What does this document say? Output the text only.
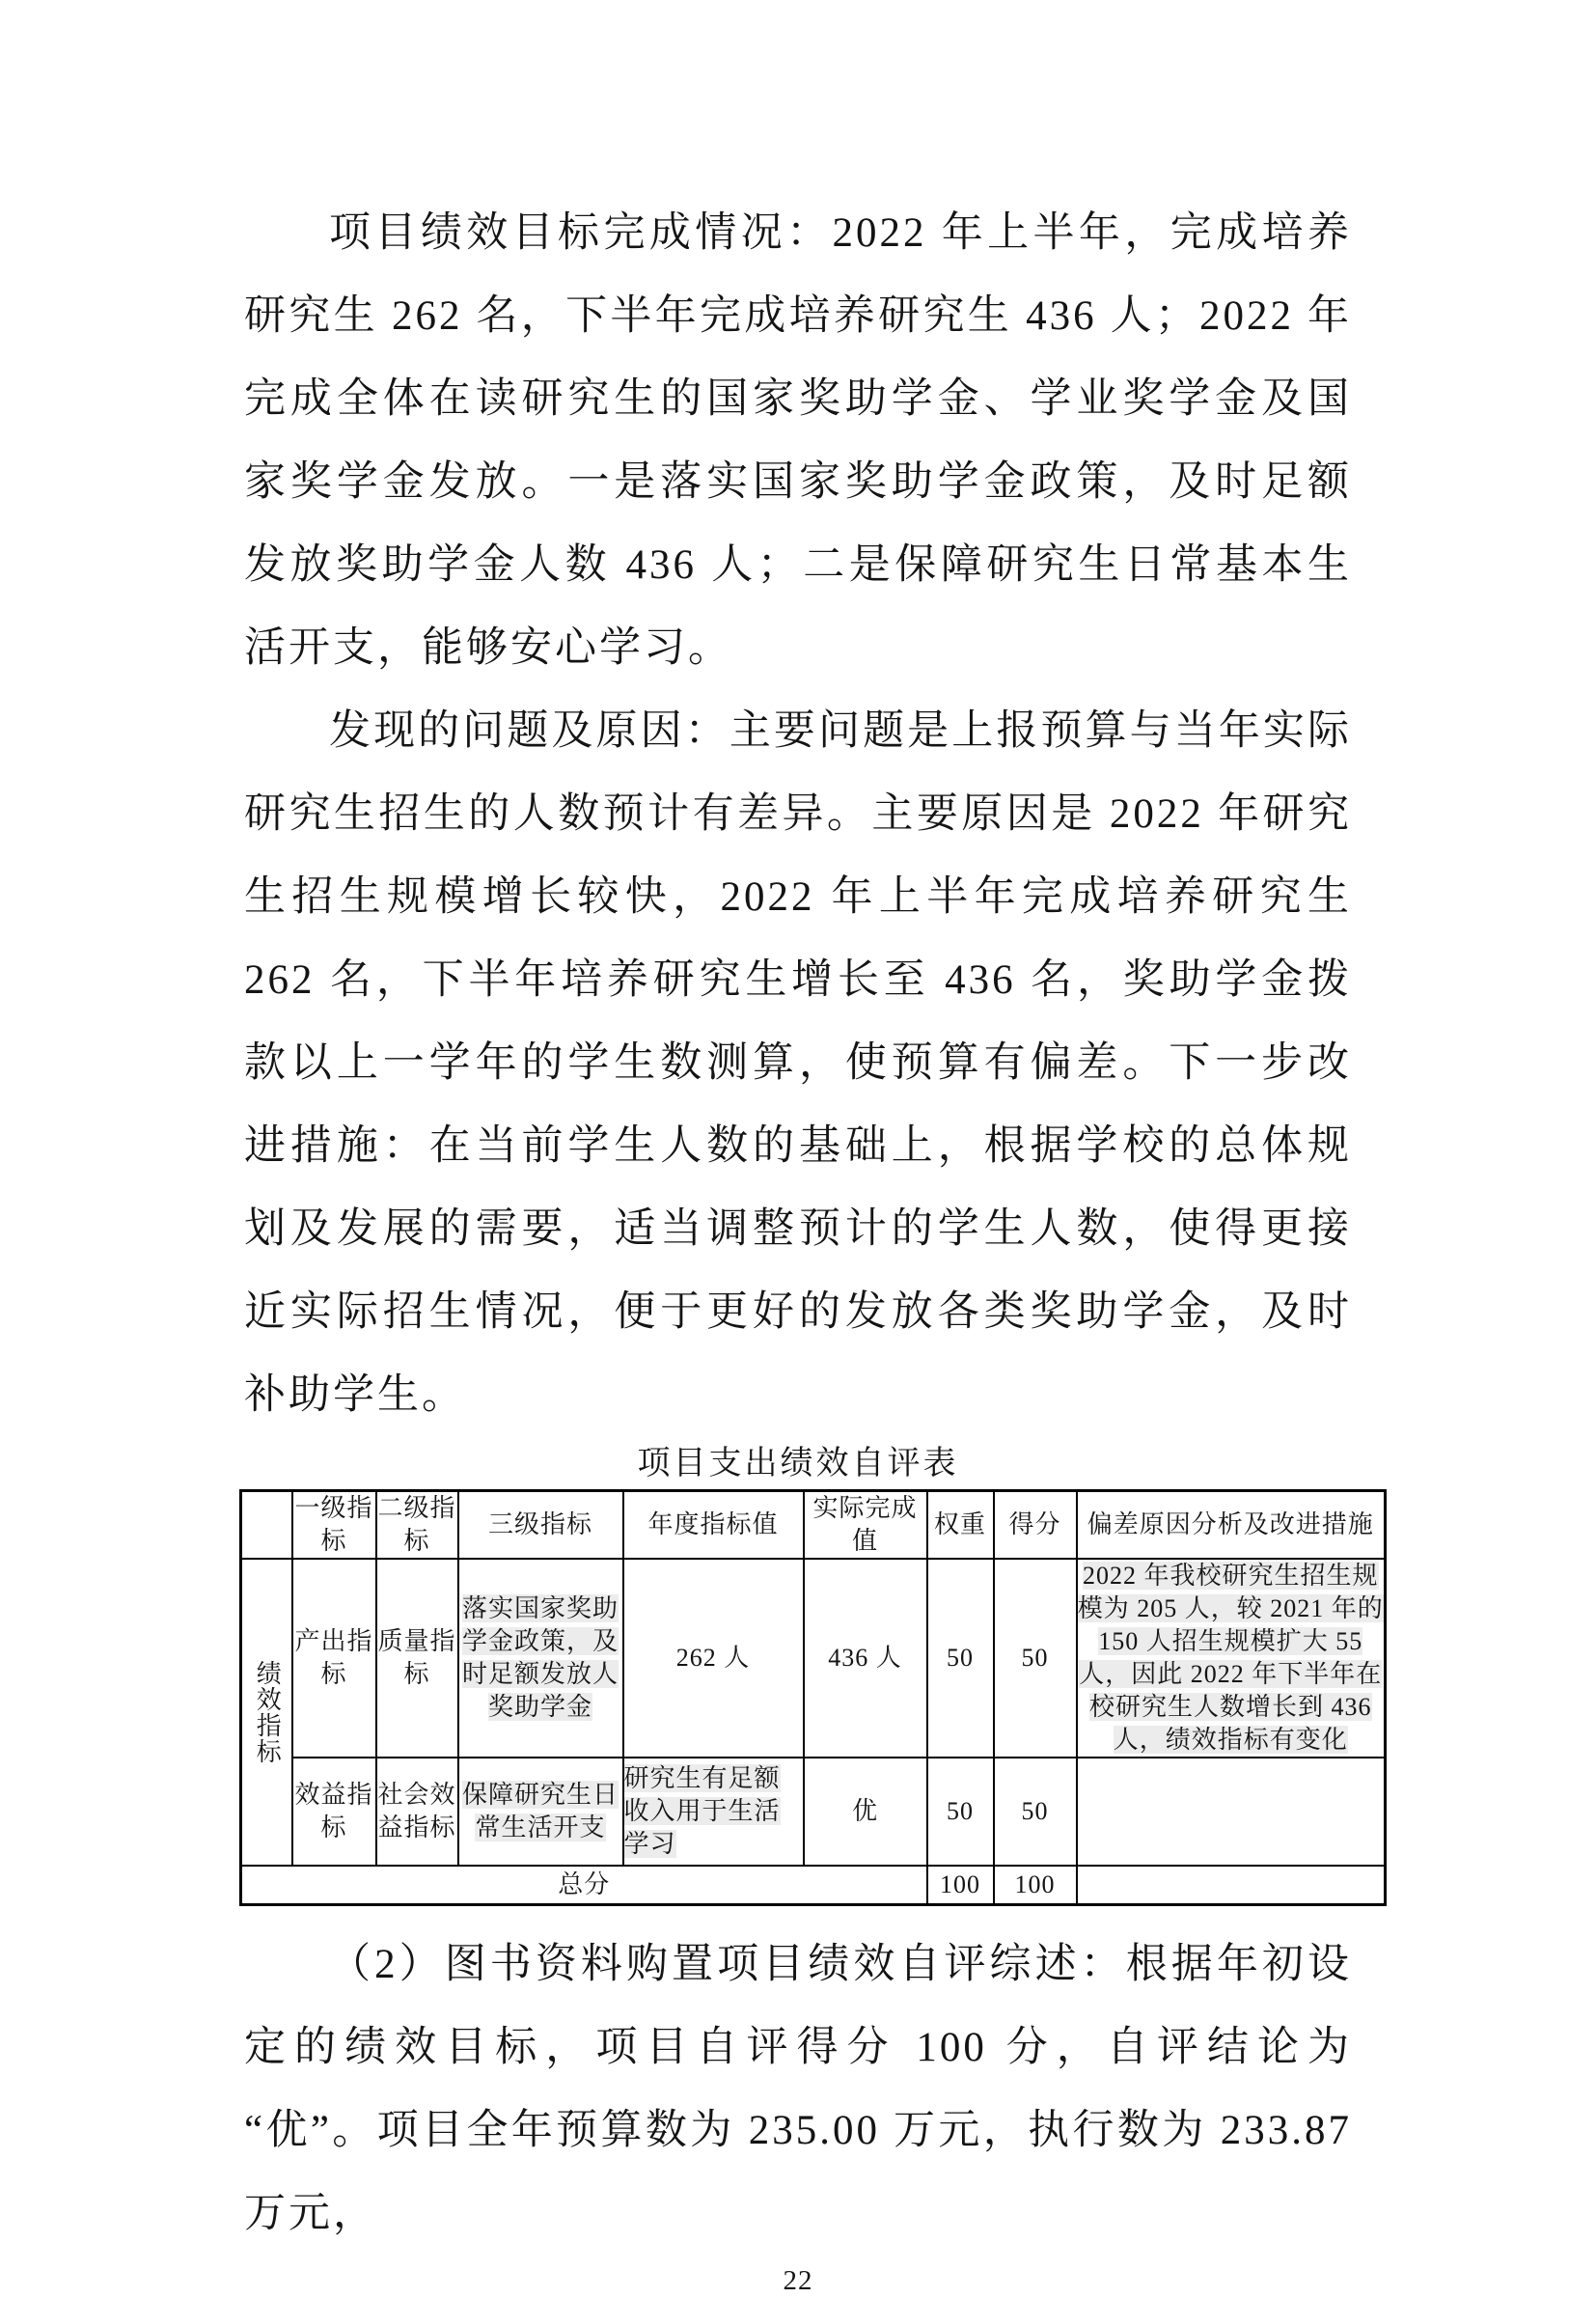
项目绩效目标完成情况：2022 年上半年，完成培养研究生 262 名，下半年完成培养研究生 436 人；2022 年完成全体在读研究生的国家奖助学金、学业奖学金及国家奖学金发放。一是落实国家奖助学金政策，及时足额发放奖助学金人数 436 人；二是保障研究生日常基本生活开支，能够安心学习。

发现的问题及原因：主要问题是上报预算与当年实际研究生招生的人数预计有差异。主要原因是 2022 年研究生招生规模增长较快，2022 年上半年完成培养研究生 262 名，下半年培养研究生增长至 436 名，奖助学金拨款以上一学年的学生数测算，使预算有偏差。下一步改进措施：在当前学生人数的基础上，根据学校的总体规划及发展的需要，适当调整预计的学生人数，使得更接近实际招生情况，便于更好的发放各类奖助学金，及时补助学生。

项目支出绩效自评表
	一级指标	二级指标	三级指标	年度指标值	实际完成值	权重	得分	偏差原因分析及改进措施
绩效指标	产出指标	质量指标	落实国家奖助学金政策，及时足额发放人奖助学金	262 人	436 人	50	50	2022 年我校研究生招生规模为 205 人，较 2021 年的 150 人招生规模扩大 55 人，因此 2022 年下半年在校研究生人数增长到 436 人，绩效指标有变化
	效益指标	社会效益指标	保障研究生日常生活开支	研究生有足额收入用于生活学习	优	50	50	
总分						100	100	

（2）图书资料购置项目绩效自评综述：根据年初设定的绩效目标，项目自评得分 100 分，自评结论为“优”。项目全年预算数为 235.00 万元，执行数为 233.87 万元，

22
